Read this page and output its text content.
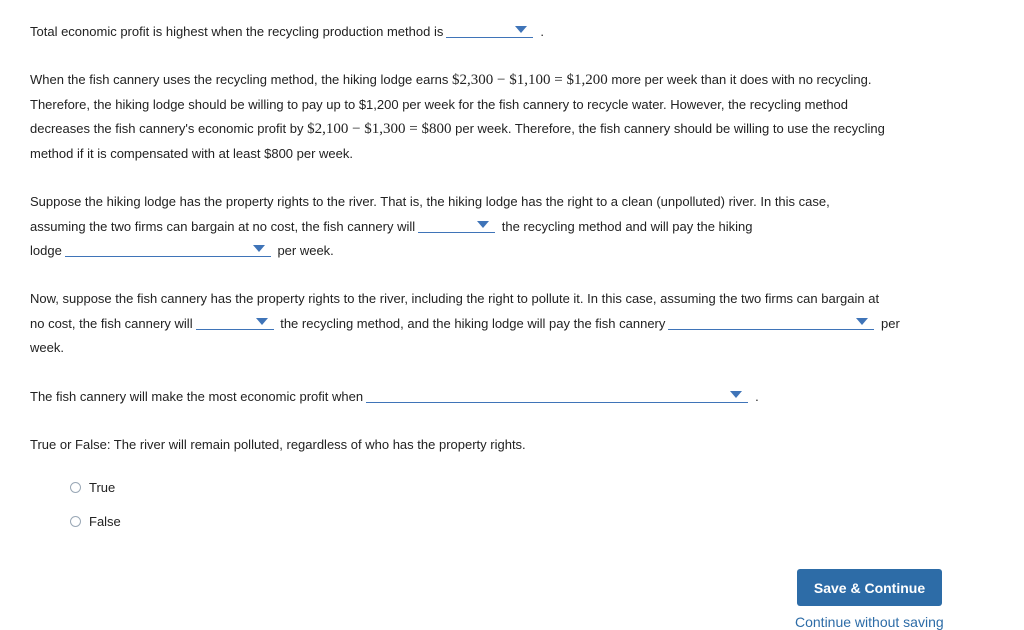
Total economic profit is highest when the recycling production method is	.
When the fish cannery uses the recycling method, the hiking lodge earns $2,300 − $1,100 = $1,200 more per week than it does with no recycling.
Therefore, the hiking lodge should be willing to pay up to $1,200 per week for the fish cannery to recycle water. However, the recycling method
decreases the fish cannery's economic profit by $2,100 − $1,300 = $800 per week. Therefore, the fish cannery should be willing to use the recycling
method if it is compensated with at least $800 per week.
Suppose the hiking lodge has the property rights to the river. That is, the hiking lodge has the right to a clean (unpolluted) river. In this case,
assuming the two firms can bargain at no cost, the fish cannery will	the recycling method and will pay the hiking
lodge	per week.
Now, suppose the fish cannery has the property rights to the river, including the right to pollute it. In this case, assuming the two firms can bargain at
no cost, the fish cannery will	the recycling method, and the hiking lodge will pay the fish cannery	per
week.
The fish cannery will make the most economic profit when	.
True or False: The river will remain polluted, regardless of who has the property rights.
True
False
Save & Continue
Continue without saving
